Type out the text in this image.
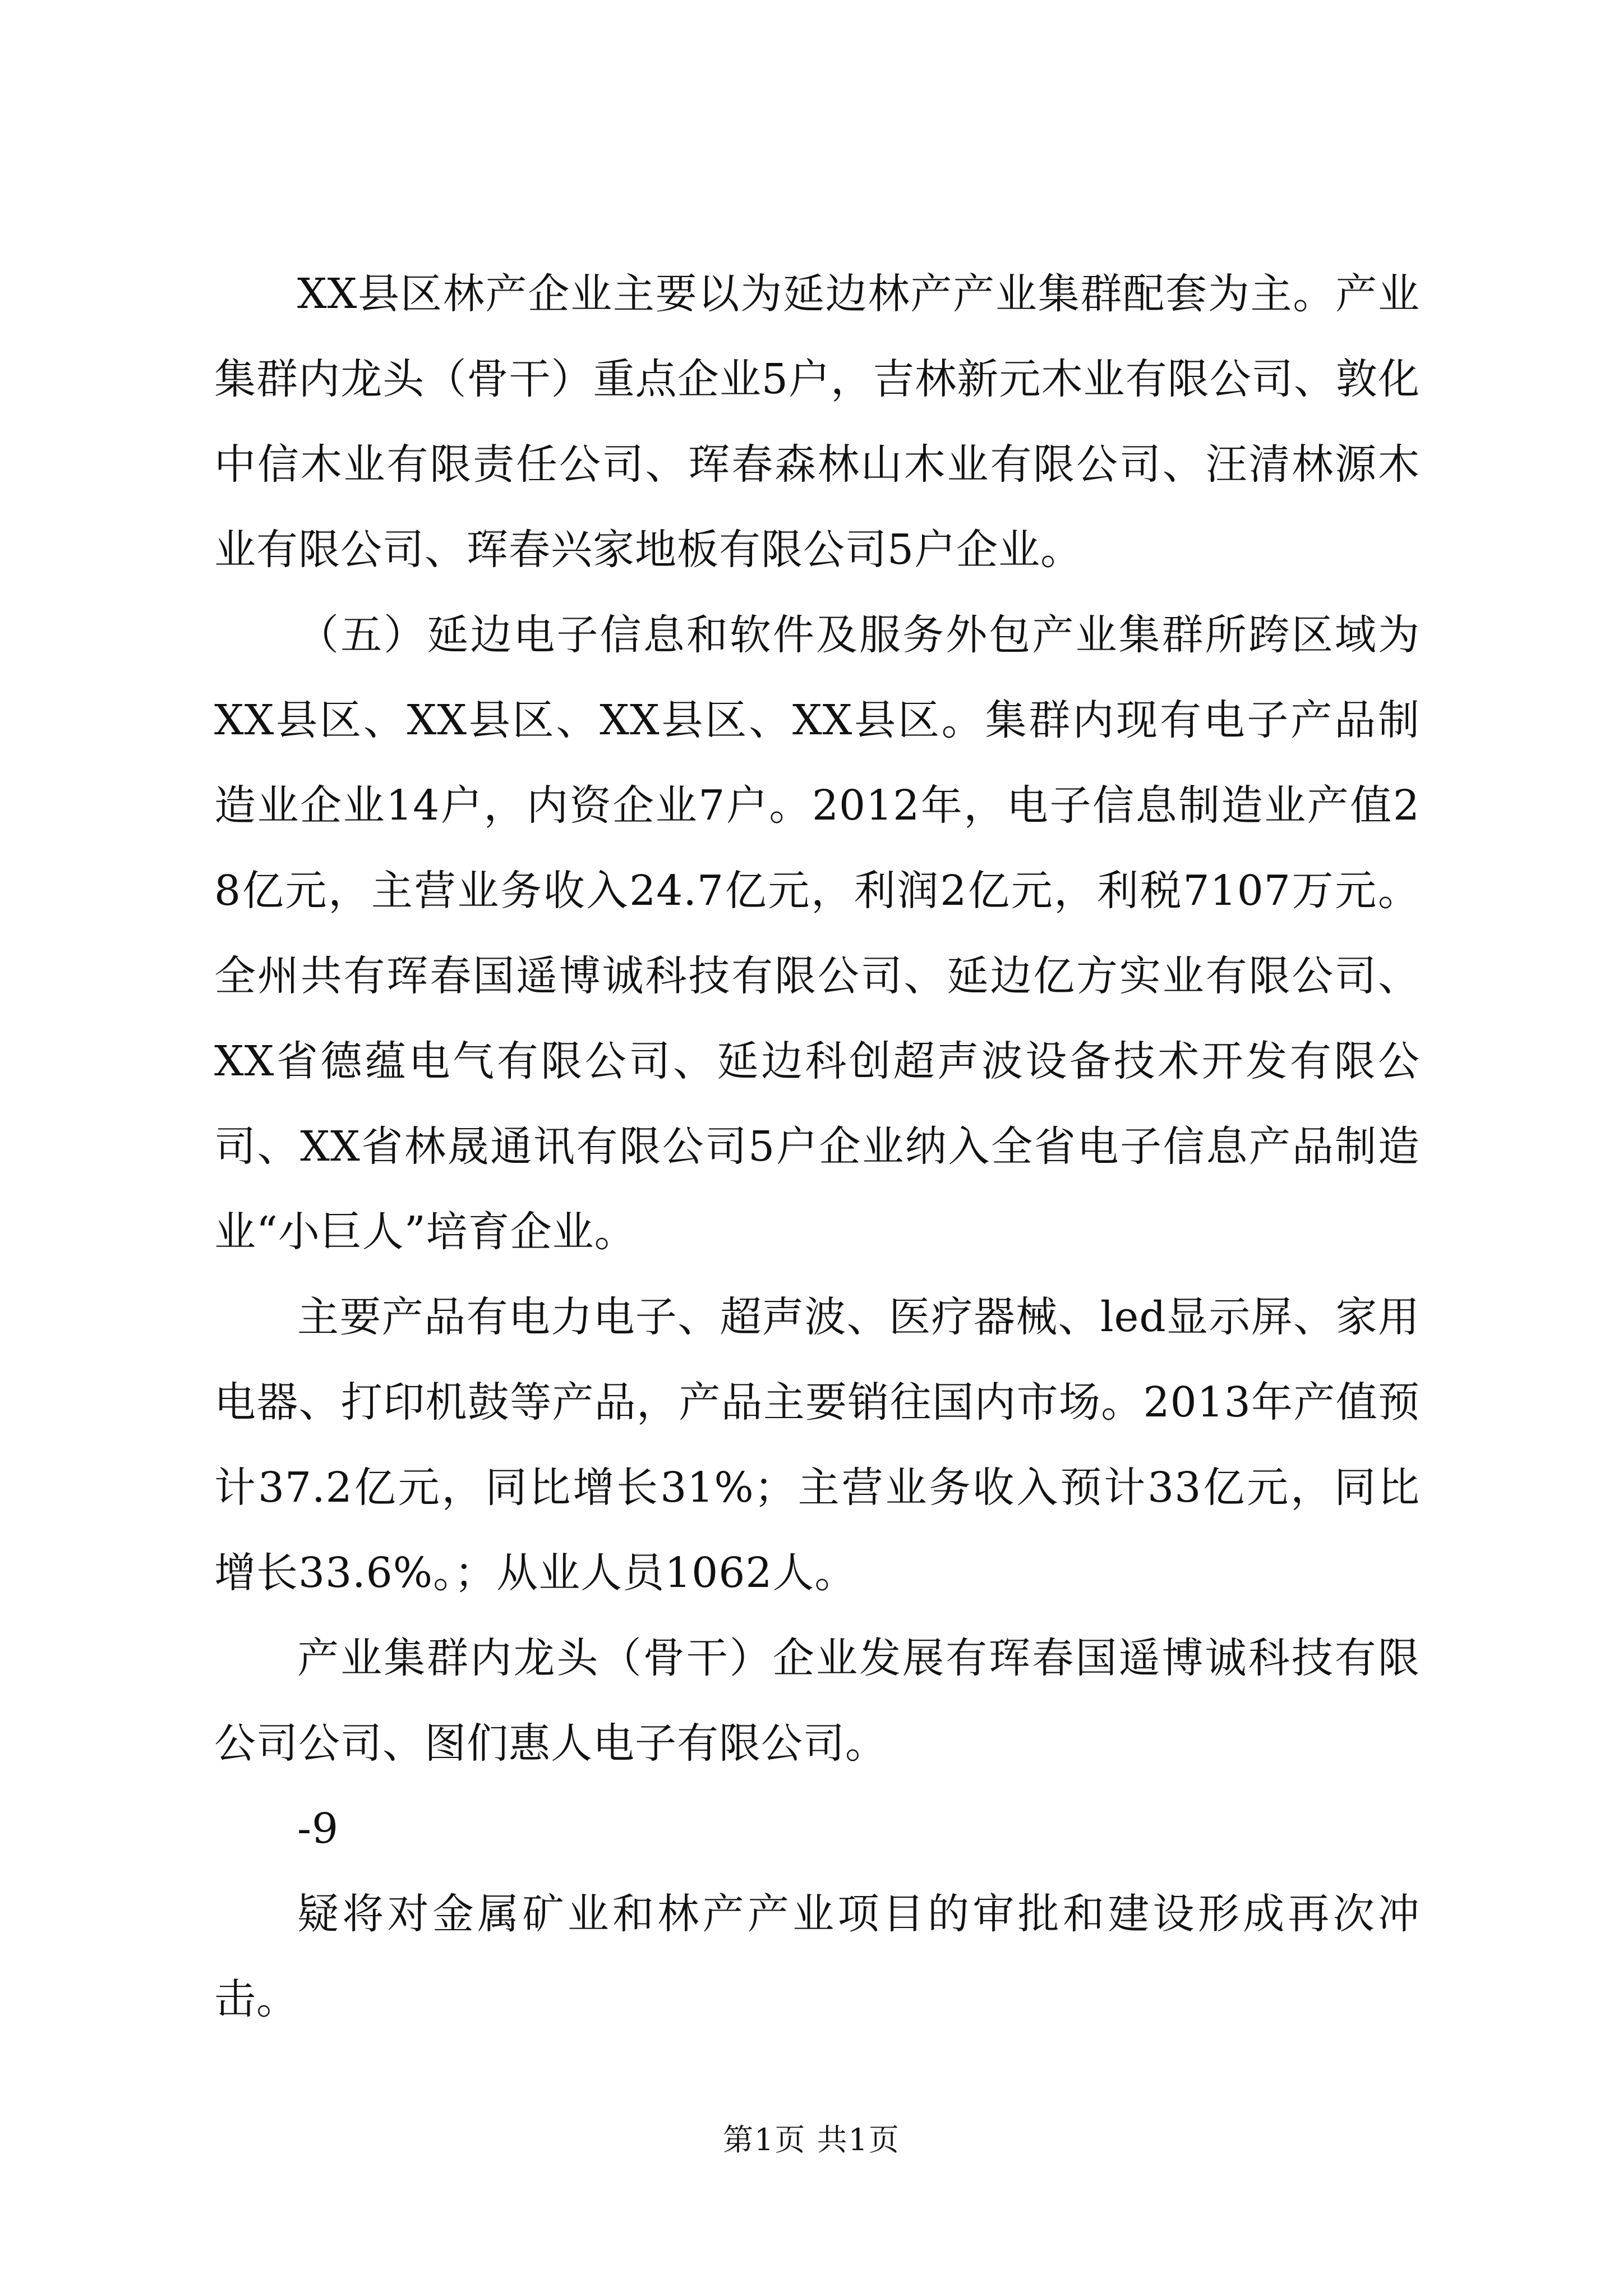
XX县区林产企业主要以为延边林产产业集群配套为主。产业集群内龙头（骨干）重点企业5户，吉林新元木业有限公司、敦化中信木业有限责任公司、珲春森林山木业有限公司、汪清林源木业有限公司、珲春兴家地板有限公司5户企业。

（五）延边电子信息和软件及服务外包产业集群所跨区域为XX县区、XX县区、XX县区、XX县区。集群内现有电子产品制造业企业14户，内资企业7户。2012年，电子信息制造业产值28亿元，主营业务收入24.7亿元，利润2亿元，利税7107万元。全州共有珲春国遥博诚科技有限公司、延边亿方实业有限公司、XX省德蕴电气有限公司、延边科创超声波设备技术开发有限公司、XX省林晟通讯有限公司5户企业纳入全省电子信息产品制造业“小巨人”培育企业。

主要产品有电力电子、超声波、医疗器械、led显示屏、家用电器、打印机鼓等产品，产品主要销往国内市场。2013年产值预计37.2亿元，同比增长31%；主营业务收入预计33亿元，同比增长33.6%。；从业人员1062人。

产业集群内龙头（骨干）企业发展有珲春国遥博诚科技有限公司公司、图们惠人电子有限公司。

-9

疑将对金属矿业和林产产业项目的审批和建设形成再次冲击。

第1页 共1页
